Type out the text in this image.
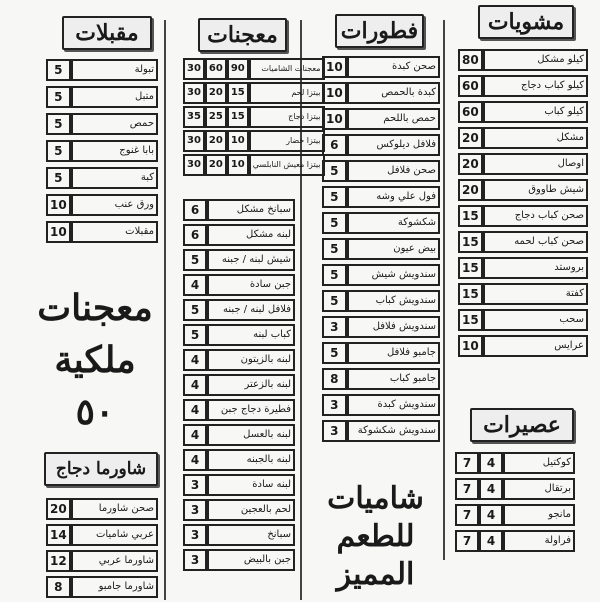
مشويات
80	كيلو مشكل
60	كيلو كباب دجاج
60	كيلو كباب
20	مشكل
20	اوصال
20	شيش طاووق
15	صحن كباب دجاج
15	صحن كباب لحمه
15	بروستد
15	كفتة
15	سحب
10	عرايس
عصيرات
7	4	كوكتيل
7	4	برتقال
7	4	مانجو
7	4	فراولة
فطورات
10	صحن كبدة
10	كبدة بالحمص
10	حمص باللحم
6	فلافل ديلوكس
5	صحن فلافل
5	فول علي وشه
5	شكشوكة
5	بيض عيون
5	سندويش شيش
5	سندويش كباب
3	سندويش فلافل
5	جامبو فلافل
8	جامبو كباب
3	سندويش كبدة
3	سندويش شكشوكة
شاميات
للطعم
المميز
معجنات
30	60	90	معجنات الشاميات
30	20	15	بيتزا لحم
35	25	15	بيتزا دجاج
30	20	10	بيتزا خضار
30	20	10	بيتزا معيش النابلسي
6	سبانخ مشكل
6	لبنه مشكل
5	شيش لبنه / جبنه
4	جبن سادة
5	فلافل لبنه / جبنه
5	كباب لبنه
4	لبنه بالزيتون
4	لبنه بالزعتر
4	فطيرة دجاج جبن
4	لبنه بالعسل
4	لبنه بالجبنه
3	لبنه سادة
3	لحم بالعجين
3	سبانخ
3	جبن بالبيض
مقبلات
5	تبولة
5	متبل
5	حمص
5	بابا غنوج
5	كبة
10	ورق عنب
10	مقبلات
معجنات
ملكية
٥٠
شاورما دجاج
20	صحن شاورما
14	عربي شاميات
12	شاورما عربي
8	شاورما جامبو
